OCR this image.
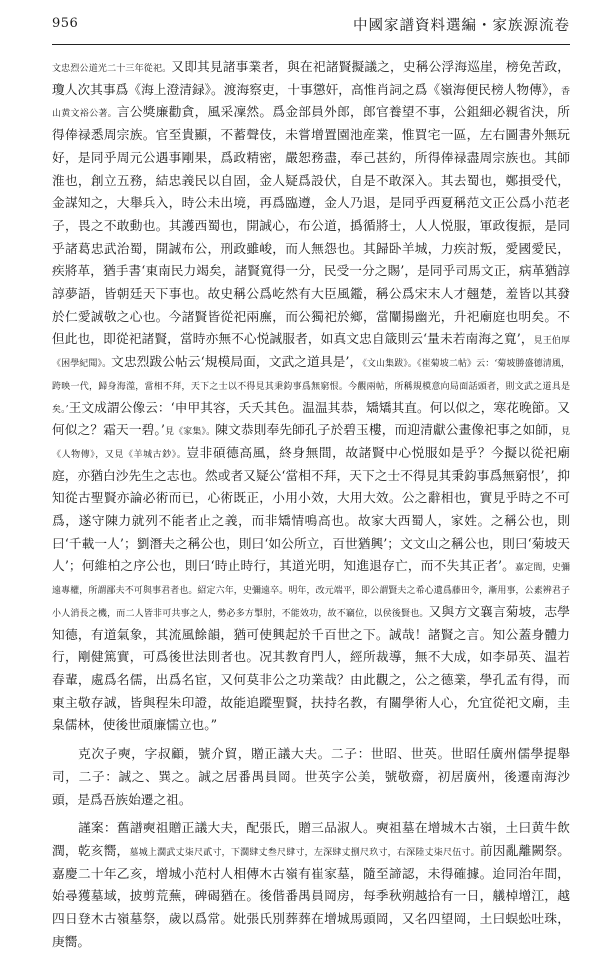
956	中國家譜資料選編・家族源流卷

文忠烈公道光二十三年從祀。又即其見諸事業者，與在祀諸賢擬議之，史稱公浮海巡崖，榜免苦政，瓊人次其事爲《海上澄清録》。渡海察吏，十事懲奸，高惟肖詞之爲《嶺海便民榜人物傳》，香山黄文裕公著。言公獎廉勸貪，風采凜然。爲金部員外郎，郎官養望不事，公鉏細必親省決，所得俸禄悉周宗族。官至貴顯，不蓄聲伎，未嘗增置園池産業，惟買宅一區，左右圖書外無玩好，是同乎周元公遇事剛果，爲政精密，嚴恕務盡，奉己甚約，所得俸禄盡周宗族也。其師淮也，創立五務，結忠義民以自固，金人疑爲設伏，自是不敢深入。其去蜀也，鄭損受代，金謀知之，大舉兵入，時公未出境，再爲臨遵，金人乃退，是同乎西夏稱范文正公爲小范老子，畏之不敢動也。其護西蜀也，開誠心，布公道，撝循將士，人人悦服，軍政復振，是同乎諸葛忠武治蜀，開誠布公，刑政雖峻，而人無怨也。其歸卧羊城，力疾討叛，愛國愛民，疾將革，猶手書‘東南民力竭矣，諸賢寬得一分，民受一分之賜’，是同乎司馬文正，病革猶諄諄夢語，皆朝廷天下事也。故史稱公爲屹然有大臣風鑑，稱公爲宋末人才翹楚，羞皆以其發於仁愛誠敬之心也。今諸賢皆從祀兩廡，而公獨祀於鄉，當闡揚幽光，升祀廟庭也明矣。不但此也，即從祀諸賢，當時亦無不心悦誠服者，如真文忠自箴則云‘量未若南海之寬’，見王伯厚《困學紀聞》。文忠烈跋公帖云‘規模局面，文武之道具是’，《文山集跋》。《崔菊坡二帖》云：‘菊坡勝盛德清風，跨映一代，歸身海澨，當相不拜，天下之士以不得見其秉鈞事爲無窮恨。今觀兩帖，所稱規模意向局面話頭者，則文武之道具是矣。’王文成謂公像云：‘申甲其容，夭夭其色。温温其恭，矯矯其直。何以似之，寒花晚節。又何似之？霜天一碧。’見《家集》。陳文恭則奉先師孔子於碧玉樓，而迎清獻公畫像祀事之如師，見《人物傳》，又見《羊城古鈔》。豈非碩德高風，終身無間，故諸賢中心悦服如是乎？今擬以從祀廟庭，亦猶白沙先生之志也。然或者又疑公‘當相不拜，天下之士不得見其秉鈞事爲無窮恨’，抑知從古聖賢亦論必術而已，心術既正，小用小效，大用大效。公之辭相也，實見乎時之不可爲，遂守陳力就列不能者止之義，而非矯情鳴高也。故家大西蜀人，家姓。之稱公也，則曰‘千載一人’；劉潛夫之稱公也，則曰‘如公所立，百世猶興’；文文山之稱公也，則曰‘菊坡天人’；何維柏之序公也，則曰‘時止時行，其道光明，知進退存亡，而不失其正者’。嘉定間，史彌遠專權，所謂鄙夫不可與事君者也。紹定六年，史彌遠卒。明年，改元端平，即公謂賢夫之希心遺爲藤田令，漸用事，公素辨君子小人消長之機，而二人皆非可共事之人，勢必多方掣肘，不能效功，故不竊位，以侯後賢也。又與方文襄言菊坡，志學知德，有道氣象，其流風餘韻，猶可使興起於千百世之下。誠哉！諸賢之言。知公蓋身體力行，剛健篤實，可爲後世法則者也。况其教育門人，經所裁導，無不大成，如李昴英、温若春輩，處爲名儒，出爲名宦，又何莫非公之功業哉？由此觀之，公之德業，學孔孟有得，而東主敬存誠，皆與程朱印證，故能追蹤聖賢，扶持名教，有關學術人心，允宜從祀文廟，圭臬儒林，使後世頑廉懦立也。”

克次子奭，字叔顧，號介貿，贈正議大夫。二子：世昭、世英。世昭任廣州儒學提舉司，二子：誠之、巽之。誠之居番禺員岡。世英字公美，號敬齋，初居廣州，後遷南海沙頭，是爲吾族始遷之祖。

謹案：舊譜奭祖贈正議大夫，配張氏，贈三品淑人。奭祖墓在增城木古嶺，土曰黄牛飲潤，乾亥嚮，墓城上濶武丈柒尺貳寸，下濶肆丈叁尺肆寸，左深肆丈捌尺玖寸，右深陸丈柒尺伍寸。前因亂離闕祭。嘉慶二十年乙亥，增城小范村人相傳木古嶺有崔家墓，隨至諦認，未得確據。迨同治年間，始尋獲墓域，披剪荒蕪，碑碣猶在。後偕番禺員岡房，每季秋朔越拾有一日，艤棹增江，越四日登木古嶺墓祭，歲以爲常。妣張氏別葬葬在增城馬頭岡，又名四望岡，土曰蜈蚣吐珠，庚嚮。
